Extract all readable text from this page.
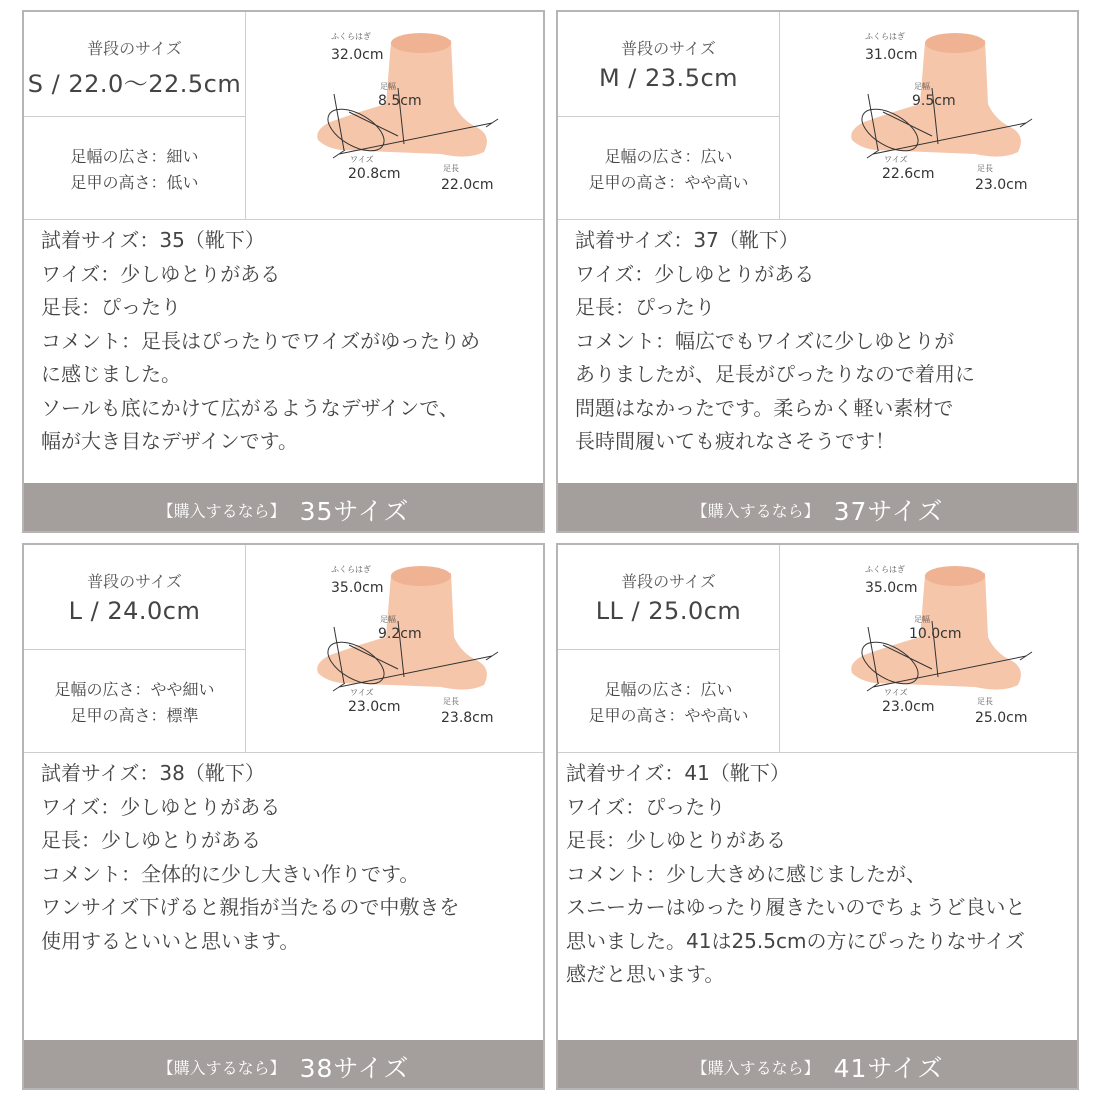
普段のサイズ
S / 22.0〜22.5cm
足幅の広さ：細い
足甲の高さ：低い
ふくらはぎ
32.0cm
足幅
8.5cm
ワイズ
20.8cm	足長
22.0cm
試着サイズ：35（靴下）
ワイズ：少しゆとりがある
足長：ぴったり
コメント：足長はぴったりでワイズがゆったりめ
に感じました。
ソールも底にかけて広がるようなデザインで、
幅が大き目なデザインです。
【購入するなら】 35サイズ
普段のサイズ
M / 23.5cm
足幅の広さ：広い
足甲の高さ：やや高い
ふくらはぎ
31.0cm
足幅
9.5cm
ワイズ
22.6cm	足長
23.0cm
試着サイズ：37（靴下）
ワイズ：少しゆとりがある
足長：ぴったり
コメント：幅広でもワイズに少しゆとりが
ありましたが、足長がぴったりなので着用に
問題はなかったです。柔らかく軽い素材で
長時間履いても疲れなさそうです！
【購入するなら】 37サイズ
普段のサイズ
L / 24.0cm
足幅の広さ：やや細い
足甲の高さ：標準
ふくらはぎ
35.0cm
足幅
9.2cm
ワイズ
23.0cm	足長
23.8cm
試着サイズ：38（靴下）
ワイズ：少しゆとりがある
足長：少しゆとりがある
コメント：全体的に少し大きい作りです。
ワンサイズ下げると親指が当たるので中敷きを
使用するといいと思います。
【購入するなら】 38サイズ
普段のサイズ
LL / 25.0cm
足幅の広さ：広い
足甲の高さ：やや高い
ふくらはぎ
35.0cm
足幅
10.0cm
ワイズ
23.0cm	足長
25.0cm
試着サイズ：41（靴下）
ワイズ：ぴったり
足長：少しゆとりがある
コメント：少し大きめに感じましたが、
スニーカーはゆったり履きたいのでちょうど良いと
思いました。41は25.5cmの方にぴったりなサイズ
感だと思います。
【購入するなら】 41サイズ
